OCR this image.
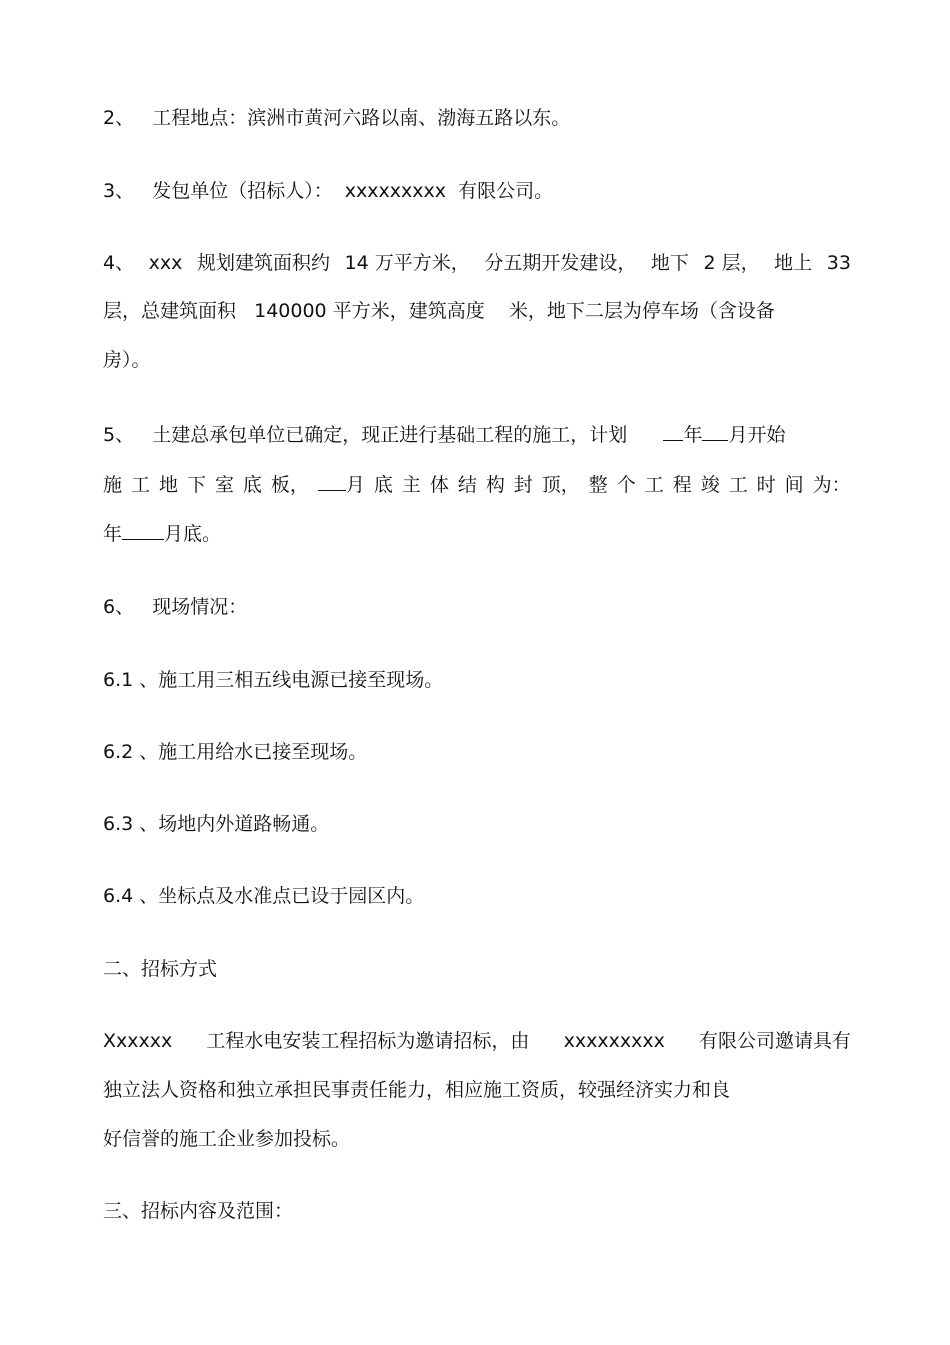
2、   工程地点：滨洲市黄河六路以南、渤海五路以东。
3、   发包单位（招标人）：  xxxxxxxxx  有限公司。
4、 xxx 规划建筑面积约 14 万平方米， 分五期开发建设， 地下 2 层， 地上 33
层，总建筑面积   140000 平方米，建筑高度    米，地下二层为停车场（含设备
房）。
5、   土建总承包单位已确定，现正进行基础工程的施工，计划      年 月开始
施 工 地 下 室 底 板，	月 底 主 体 结 构 封 顶， 整 个 工 程 竣 工 时 间 为：
年 月底。
6、   现场情况：
6.1 、施工用三相五线电源已接至现场。
6.2 、施工用给水已接至现场。
6.3 、场地内外道路畅通。
6.4 、坐标点及水准点已设于园区内。
二、招标方式
Xxxxxx 工程水电安装工程招标为邀请招标，由 xxxxxxxxx 有限公司邀请具有
独立法人资格和独立承担民事责任能力，相应施工资质，较强经济实力和良
好信誉的施工企业参加投标。
三、招标内容及范围：
